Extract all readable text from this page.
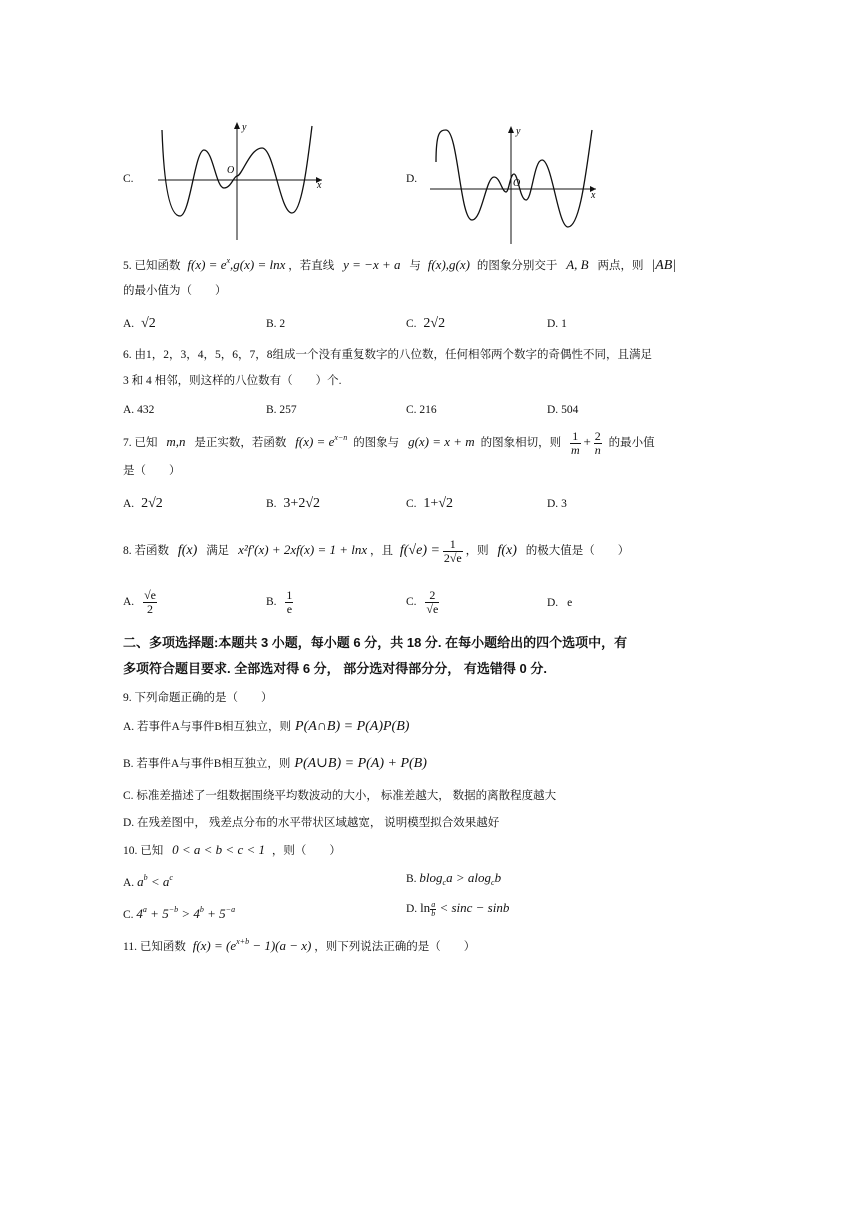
C.
y
x
O
D.
y
x
O
5. 已知函数 $f(x) = e^x,g(x) = \ln x$ ，若直线 y = −x + a 与 f(x),g(x) 的图象分别交于 A, B 两点，则 |AB|
的最小值为（　　）
A. √2	B. 2	C. 2√2	D. 1
6. 由1，2，3，4，5，6，7，8组成一个没有重复数字的八位数，任何相邻两个数字的奇偶性不同，且满足
3 和 4 相邻，则这样的八位数有（　　）个.
A. 432	B. 257	C. 216	D. 504
7. 已知 m,n 是正实数，若函数 $f(x) = e^{x-n}$ 的图象与 g(x) = x + m 的图象相切，则 $\frac{1}{m} + \frac{2}{n}$ 的最小值
是（　　）
A. 2√2	B. 3+2√2	C. 1+√2	D. 3
8. 若函数 f(x) 满足 x²f′(x) + 2xf(x) = 1 + lnx ，且 $f(√e) = \frac{1}{2√e}$ ，则 f(x) 的极大值是（　　）
A. $\frac{√e}{2}$	B. $\frac{1}{e}$	C. $\frac{2}{√e}$	D. e
二、多项选择题:本题共 3 小题，每小题 6 分，共 18 分. 在每小题给出的四个选项中，有
多项符合题目要求. 全部选对得 6 分， 部分选对得部分分， 有选错得 0 分.
9. 下列命题正确的是（　　）
A. 若事件A与事件B相互独立，则 P(A∩B) = P(A)P(B)
B. 若事件A与事件B相互独立，则 P(A∪B) = P(A) + P(B)
C. 标准差描述了一组数据围绕平均数波动的大小， 标准差越大， 数据的离散程度越大
D. 在残差图中， 残差点分布的水平带状区域越宽， 说明模型拟合效果越好
10. 已知 0 < a < b < c < 1 ，则（　　）
A. $a^b < a^c$	B. blog$_c$a > alog$_c$b
C. $4^a + 5^{-b} > 4^b + 5^{-a}$	D. $\ln \frac{a}{b} < \sin c - \sin b$
11. 已知函数 $f(x) = (e^{x+b} - 1)(a - x)$ ，则下列说法正确的是（　　）
